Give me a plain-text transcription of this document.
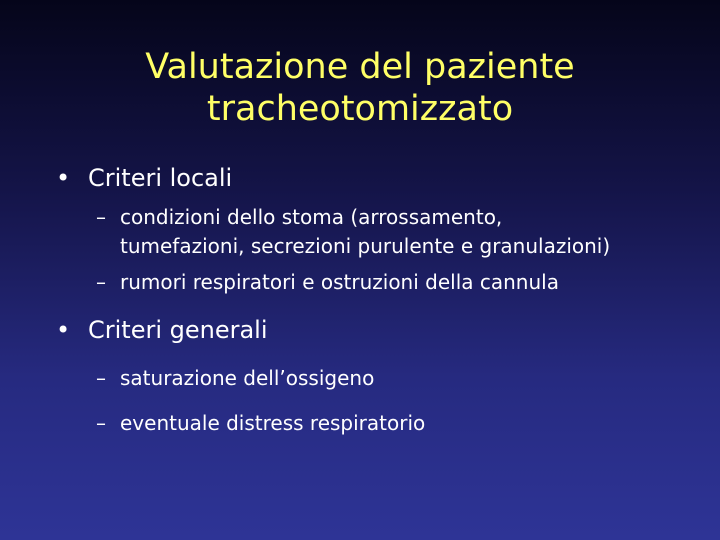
Valutazione del paziente
tracheotomizzato
• Criteri locali
– condizioni dello stoma (arrossamento,
tumefazioni, secrezioni purulente e granulazioni)
– rumori respiratori e ostruzioni della cannula
• Criteri generali
– saturazione dell’ossigeno
– eventuale distress respiratorio
